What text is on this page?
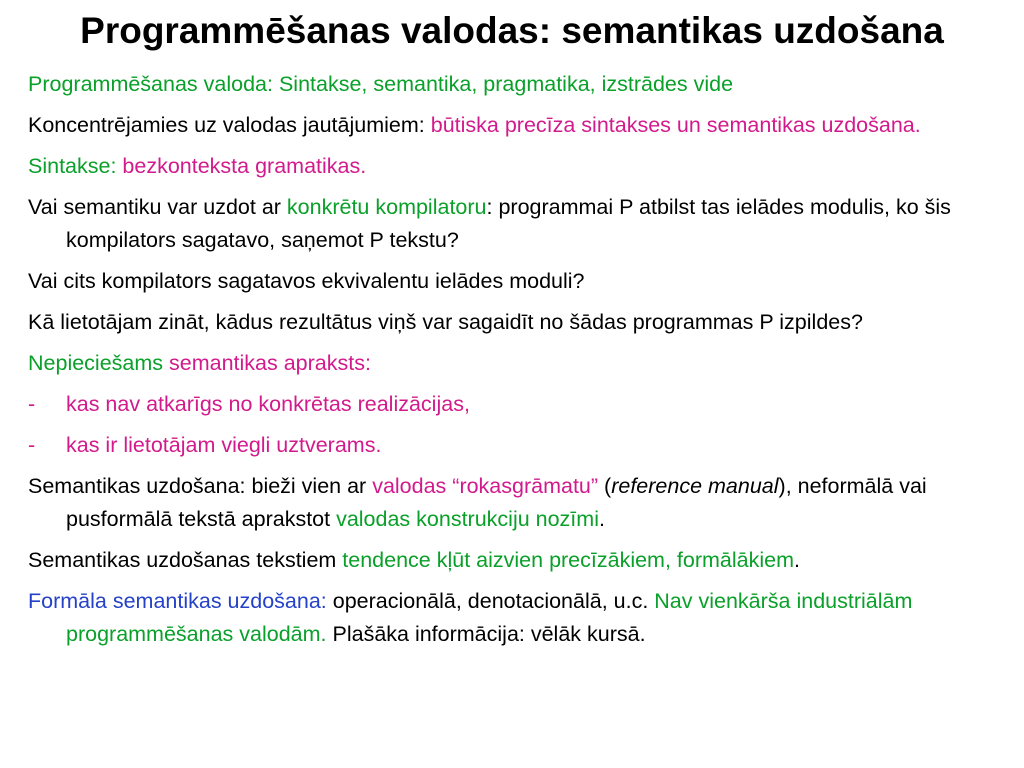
Programmēšanas valodas: semantikas uzdošana
Programmēšanas valoda: Sintakse, semantika, pragmatika, izstrādes vide
Koncentrējamies uz valodas jautājumiem: būtiska precīza sintakses un semantikas uzdošana.
Sintakse: bezkonteksta gramatikas.
Vai semantiku var uzdot ar konkrētu kompilatoru: programmai P atbilst tas ielādes modulis, ko šis kompilators sagatavo, saņemot P tekstu?
Vai cits kompilators sagatavos ekvivalentu ielādes moduli?
Kā lietotājam zināt, kādus rezultātus viņš var sagaidīt no šādas programmas P izpildes?
Nepieciešams semantikas apraksts:
-	kas nav atkarīgs no konkrētas realizācijas,
-	kas ir lietotājam viegli uztverams.
Semantikas uzdošana: bieži vien ar valodas “rokasgrāmatu” (reference manual), neformālā vai pusformālā tekstā aprakstot valodas konstrukciju nozīmi.
Semantikas uzdošanas tekstiem tendence kļūt aizvien precīzākiem, formālākiem.
Formāla semantikas uzdošana: operacionālā, denotacionālā, u.c. Nav vienkārša industriālām programmēšanas valodām. Plašāka informācija: vēlāk kursā.
